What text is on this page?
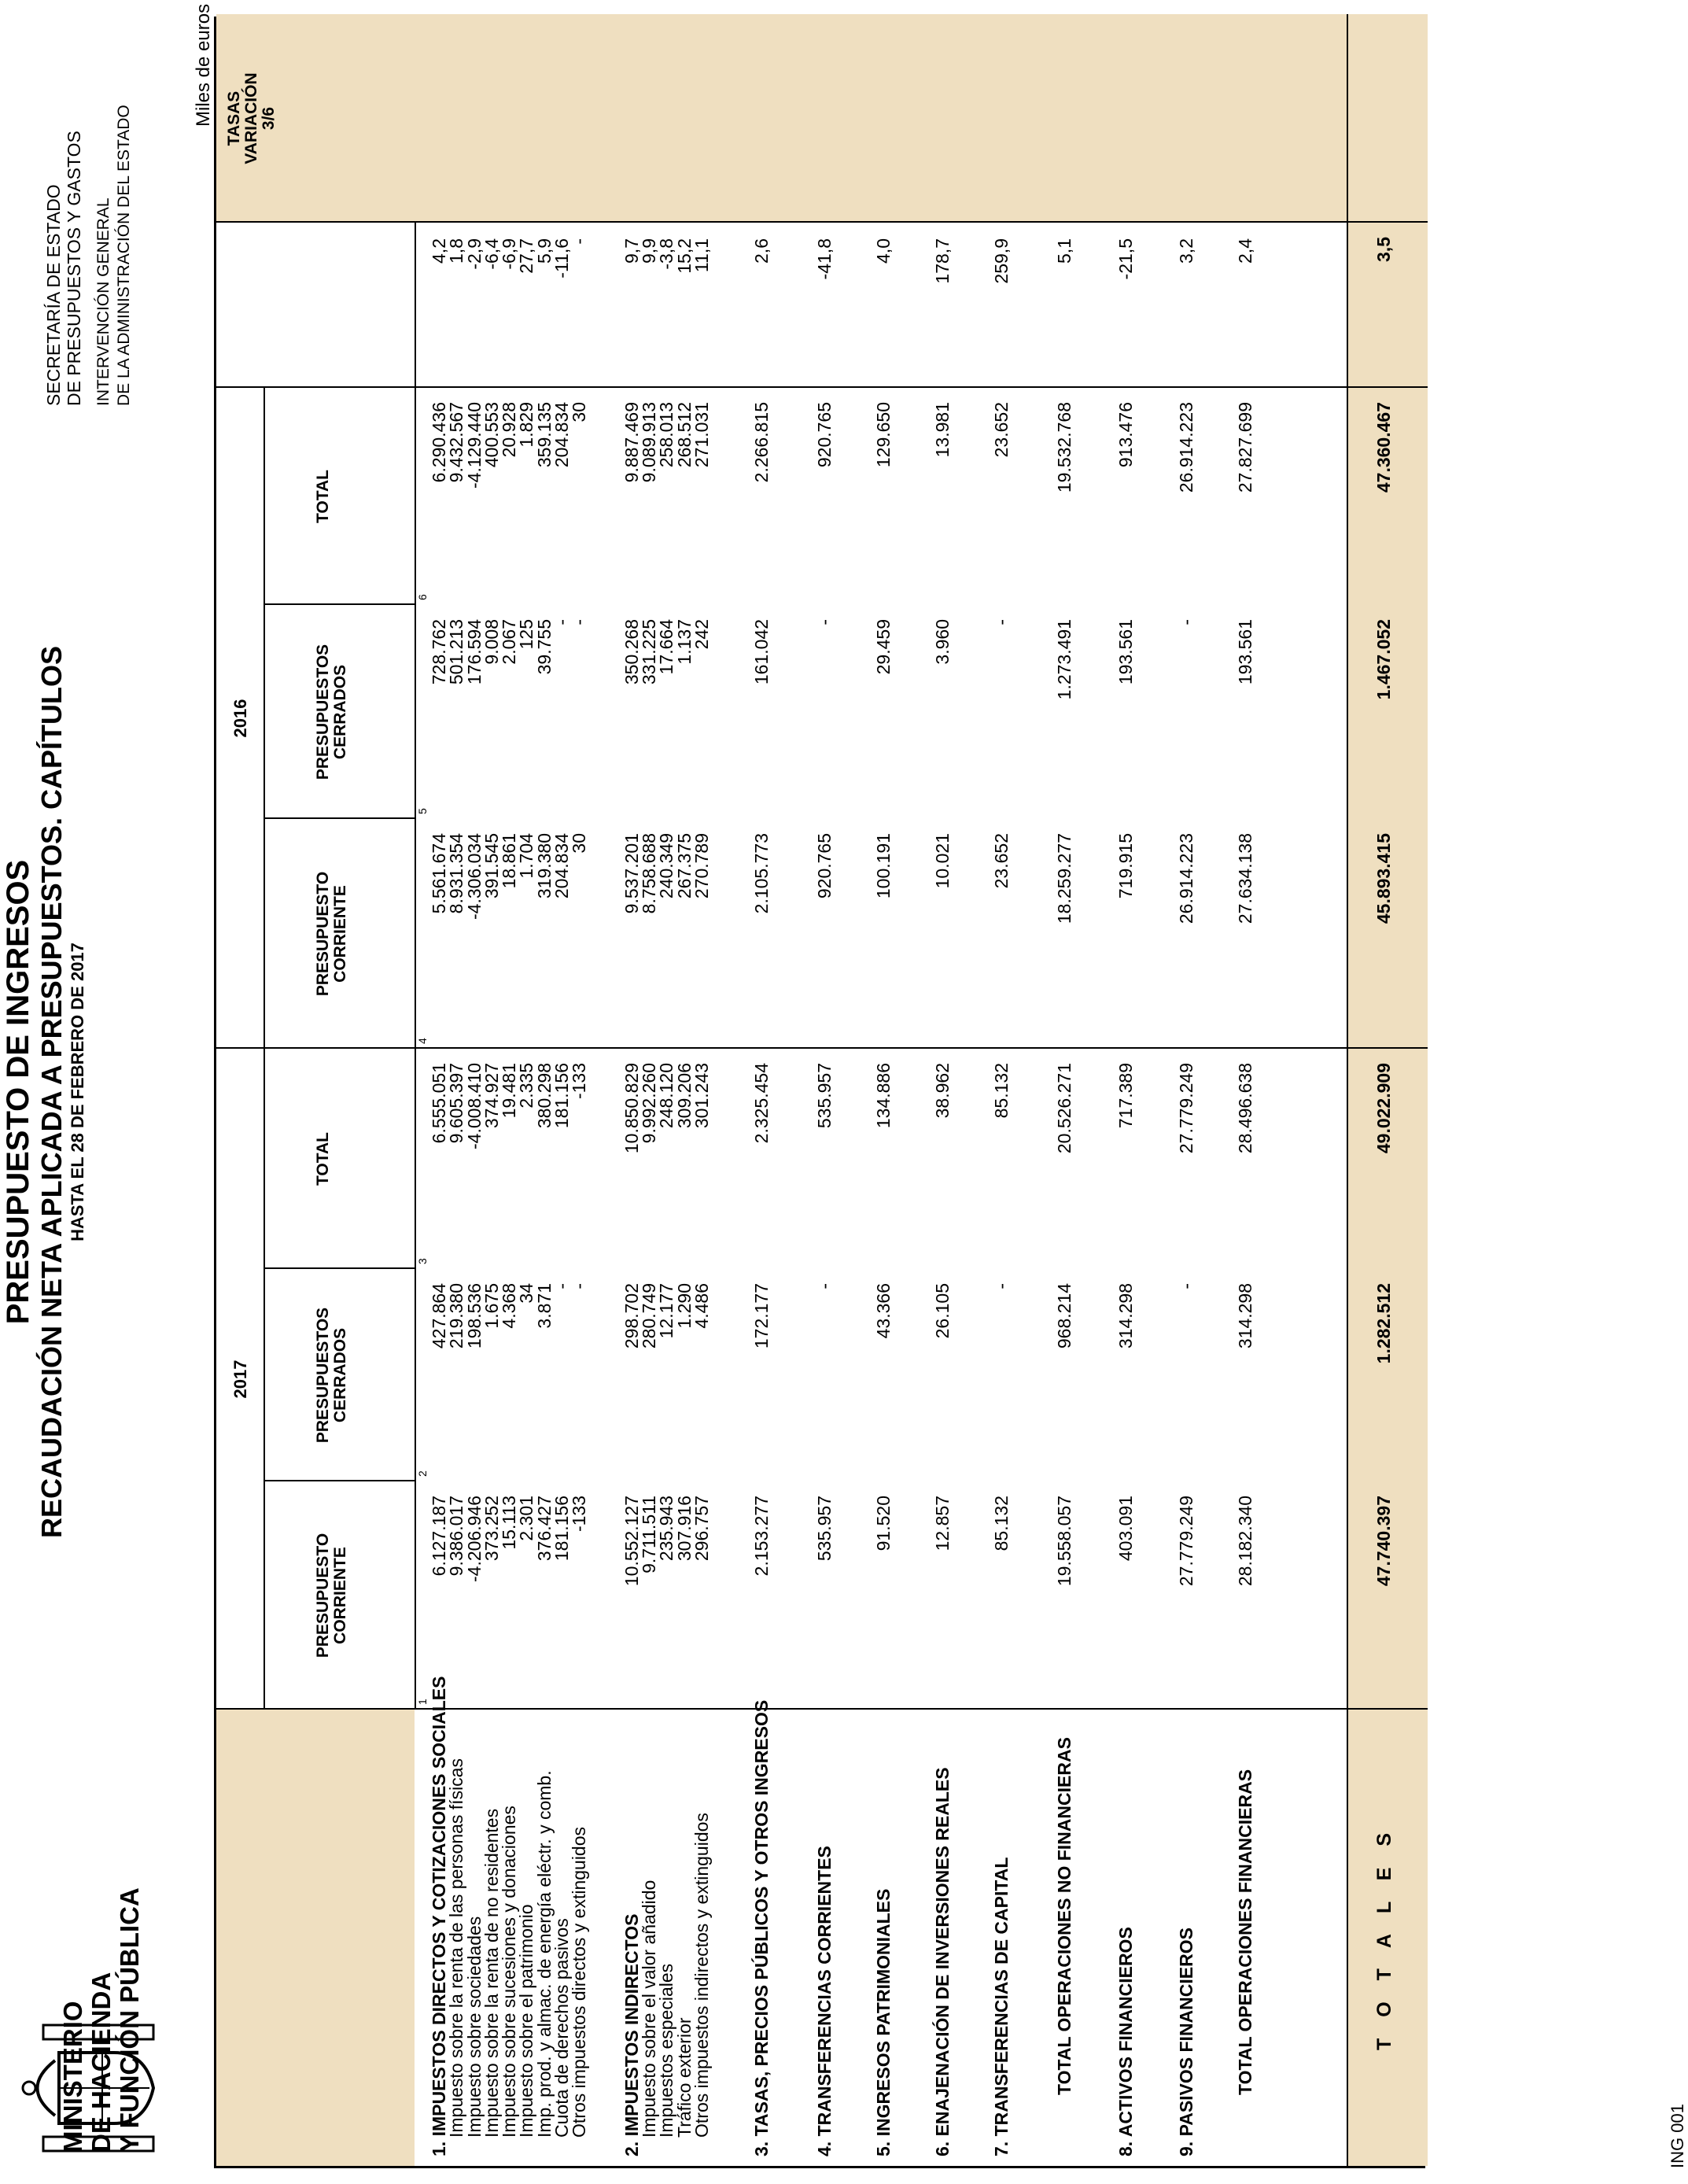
MINISTERIO DE HACIENDA Y FUNCIÓN PÚBLICA
PRESUPUESTO DE INGRESOS RECAUDACIÓN NETA APLICADA A PRESUPUESTOS. CAPÍTULOS HASTA EL 28 DE FEBRERO DE 2017
SECRETARÍA DE ESTADO DE PRESUPUESTOS Y GASTOS INTERVENCIÓN GENERAL DE LA ADMINISTRACIÓN DEL ESTADO
Miles de euros
ING 001
2017
2016
PRESUPUESTO CORRIENTE
1
PRESUPUESTOS CERRADOS
2
TOTAL
3
PRESUPUESTO CORRIENTE
4
PRESUPUESTOS CERRADOS
5
TOTAL
6
TASAS VARIACIÓN 3/6
1. IMPUESTOS DIRECTOS Y COTIZACIONES SOCIALES
6.127.187
427.864
6.555.051
5.561.674
728.762
6.290.436
4,2
Impuesto sobre la renta de las personas físicas
9.386.017
219.380
9.605.397
8.931.354
501.213
9.432.567
1,8
Impuesto sobre sociedades
-4.206.946
198.536
-4.008.410
-4.306.034
176.594
-4.129.440
-2,9
Impuesto sobre la renta de no residentes
373.252
1.675
374.927
391.545
9.008
400.553
-6,4
Impuesto sobre sucesiones y donaciones
15.113
4.368
19.481
18.861
2.067
20.928
-6,9
Impuesto sobre el patrimonio
2.301
34
2.335
1.704
125
1.829
27,7
Imp. prod. y almac. de energía eléctr. y comb.
376.427
3.871
380.298
319.380
39.755
359.135
5,9
Cuota de derechos pasivos
181.156
-
181.156
204.834
-
204.834
-11,6
Otros impuestos directos y extinguidos
-133
-
-133
30
-
30
-
2. IMPUESTOS INDIRECTOS
10.552.127
298.702
10.850.829
9.537.201
350.268
9.887.469
9,7
Impuesto sobre el valor añadido
9.711.511
280.749
9.992.260
8.758.688
331.225
9.089.913
9,9
Impuestos especiales
235.943
12.177
248.120
240.349
17.664
258.013
-3,8
Tráfico exterior
307.916
1.290
309.206
267.375
1.137
268.512
15,2
Otros impuestos indirectos y extinguidos
296.757
4.486
301.243
270.789
242
271.031
11,1
3. TASAS, PRECIOS PÚBLICOS Y OTROS INGRESOS
2.153.277
172.177
2.325.454
2.105.773
161.042
2.266.815
2,6
4. TRANSFERENCIAS CORRIENTES
535.957
-
535.957
920.765
-
920.765
-41,8
5. INGRESOS PATRIMONIALES
91.520
43.366
134.886
100.191
29.459
129.650
4,0
6. ENAJENACIÓN DE INVERSIONES REALES
12.857
26.105
38.962
10.021
3.960
13.981
178,7
7. TRANSFERENCIAS DE CAPITAL
85.132
-
85.132
23.652
-
23.652
259,9
TOTAL OPERACIONES NO FINANCIERAS
19.558.057
968.214
20.526.271
18.259.277
1.273.491
19.532.768
5,1
8. ACTIVOS FINANCIEROS
403.091
314.298
717.389
719.915
193.561
913.476
-21,5
9. PASIVOS FINANCIEROS
27.779.249
-
27.779.249
26.914.223
-
26.914.223
3,2
TOTAL OPERACIONES FINANCIERAS
28.182.340
314.298
28.496.638
27.634.138
193.561
27.827.699
2,4
T O T A L E S
47.740.397
1.282.512
49.022.909
45.893.415
1.467.052
47.360.467
3,5
